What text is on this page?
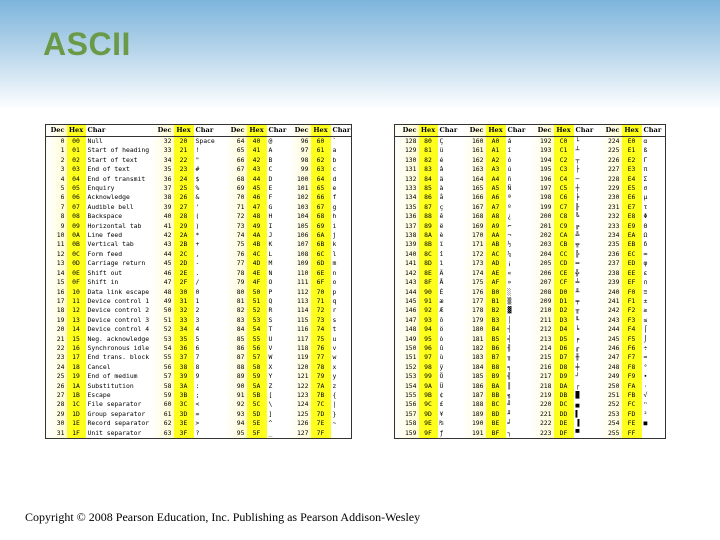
ASCII
Dec	Hex	Char	Dec	Hex	Char	Dec	Hex	Char	Dec	Hex	Char
0	00	Null	32	20	Space	64	40	@	96	60	`
1	01	Start of heading	33	21	!	65	41	A	97	61	a
2	02	Start of text	34	22	"	66	42	B	98	62	b
3	03	End of text	35	23	#	67	43	C	99	63	c
4	04	End of transmit	36	24	$	68	44	D	100	64	d
5	05	Enquiry	37	25	%	69	45	E	101	65	e
6	06	Acknowledge	38	26	&	70	46	F	102	66	f
7	07	Audible bell	39	27	'	71	47	G	103	67	g
8	08	Backspace	40	28	(	72	48	H	104	68	h
9	09	Horizontal tab	41	29	)	73	49	I	105	69	i
10	0A	Line feed	42	2A	*	74	4A	J	106	6A	j
11	0B	Vertical tab	43	2B	+	75	4B	K	107	6B	k
12	0C	Form feed	44	2C	,	76	4C	L	108	6C	l
13	0D	Carriage return	45	2D	-	77	4D	M	109	6D	m
14	0E	Shift out	46	2E	.	78	4E	N	110	6E	n
15	0F	Shift in	47	2F	/	79	4F	O	111	6F	o
16	10	Data link escape	48	30	0	80	50	P	112	70	p
17	11	Device control 1	49	31	1	81	51	Q	113	71	q
18	12	Device control 2	50	32	2	82	52	R	114	72	r
19	13	Device control 3	51	33	3	83	53	S	115	73	s
20	14	Device control 4	52	34	4	84	54	T	116	74	t
21	15	Neg. acknowledge	53	35	5	85	55	U	117	75	u
22	16	Synchronous idle	54	36	6	86	56	V	118	76	v
23	17	End trans. block	55	37	7	87	57	W	119	77	w
24	18	Cancel	56	38	8	88	58	X	120	78	x
25	19	End of medium	57	39	9	89	59	Y	121	79	y
26	1A	Substitution	58	3A	:	90	5A	Z	122	7A	z
27	1B	Escape	59	3B	;	91	5B	[	123	7B	{
28	1C	File separator	60	3C	<	92	5C	\	124	7C	|
29	1D	Group separator	61	3D	=	93	5D	]	125	7D	}
30	1E	Record separator	62	3E	>	94	5E	^	126	7E	~
31	1F	Unit separator	63	3F	?	95	5F	_	127	7F	
Dec	Hex	Char	Dec	Hex	Char	Dec	Hex	Char	Dec	Hex	Char
128	80	Ç	160	A0	á	192	C0	└	224	E0	α
129	81	ü	161	A1	í	193	C1	┴	225	E1	ß
130	82	é	162	A2	ó	194	C2	┬	226	E2	Γ
131	83	â	163	A3	ú	195	C3	├	227	E3	π
132	84	ä	164	A4	ñ	196	C4	─	228	E4	Σ
133	85	à	165	A5	Ñ	197	C5	┼	229	E5	σ
134	86	å	166	A6	ª	198	C6	╞	230	E6	µ
135	87	ç	167	A7	º	199	C7	╟	231	E7	τ
136	88	ê	168	A8	¿	200	C8	╚	232	E8	Φ
137	89	ë	169	A9	⌐	201	C9	╔	233	E9	Θ
138	8A	è	170	AA	¬	202	CA	╩	234	EA	Ω
139	8B	ï	171	AB	½	203	CB	╦	235	EB	δ
140	8C	î	172	AC	¼	204	CC	╠	236	EC	∞
141	8D	ì	173	AD	¡	205	CD	═	237	ED	φ
142	8E	Ä	174	AE	«	206	CE	╬	238	EE	ε
143	8F	Å	175	AF	»	207	CF	╧	239	EF	∩
144	90	É	176	B0	░	208	D0	╨	240	F0	≡
145	91	æ	177	B1	▒	209	D1	╤	241	F1	±
146	92	Æ	178	B2	▓	210	D2	╥	242	F2	≥
147	93	ô	179	B3	│	211	D3	╙	243	F3	≤
148	94	ö	180	B4	┤	212	D4	╘	244	F4	⌠
149	95	ò	181	B5	╡	213	D5	╒	245	F5	⌡
150	96	û	182	B6	╢	214	D6	╓	246	F6	÷
151	97	ù	183	B7	╖	215	D7	╫	247	F7	≈
152	98	ÿ	184	B8	╕	216	D8	╪	248	F8	°
153	99	Ö	185	B9	╣	217	D9	┘	249	F9	∙
154	9A	Ü	186	BA	║	218	DA	┌	250	FA	·
155	9B	¢	187	BB	╗	219	DB	█	251	FB	√
156	9C	£	188	BC	╝	220	DC	▄	252	FC	ⁿ
157	9D	¥	189	BD	╜	221	DD	▌	253	FD	²
158	9E	₧	190	BE	╛	222	DE	▐	254	FE	■
159	9F	ƒ	191	BF	┐	223	DF	▀	255	FF	
Copyright © 2008 Pearson Education, Inc. Publishing as Pearson Addison-Wesley
